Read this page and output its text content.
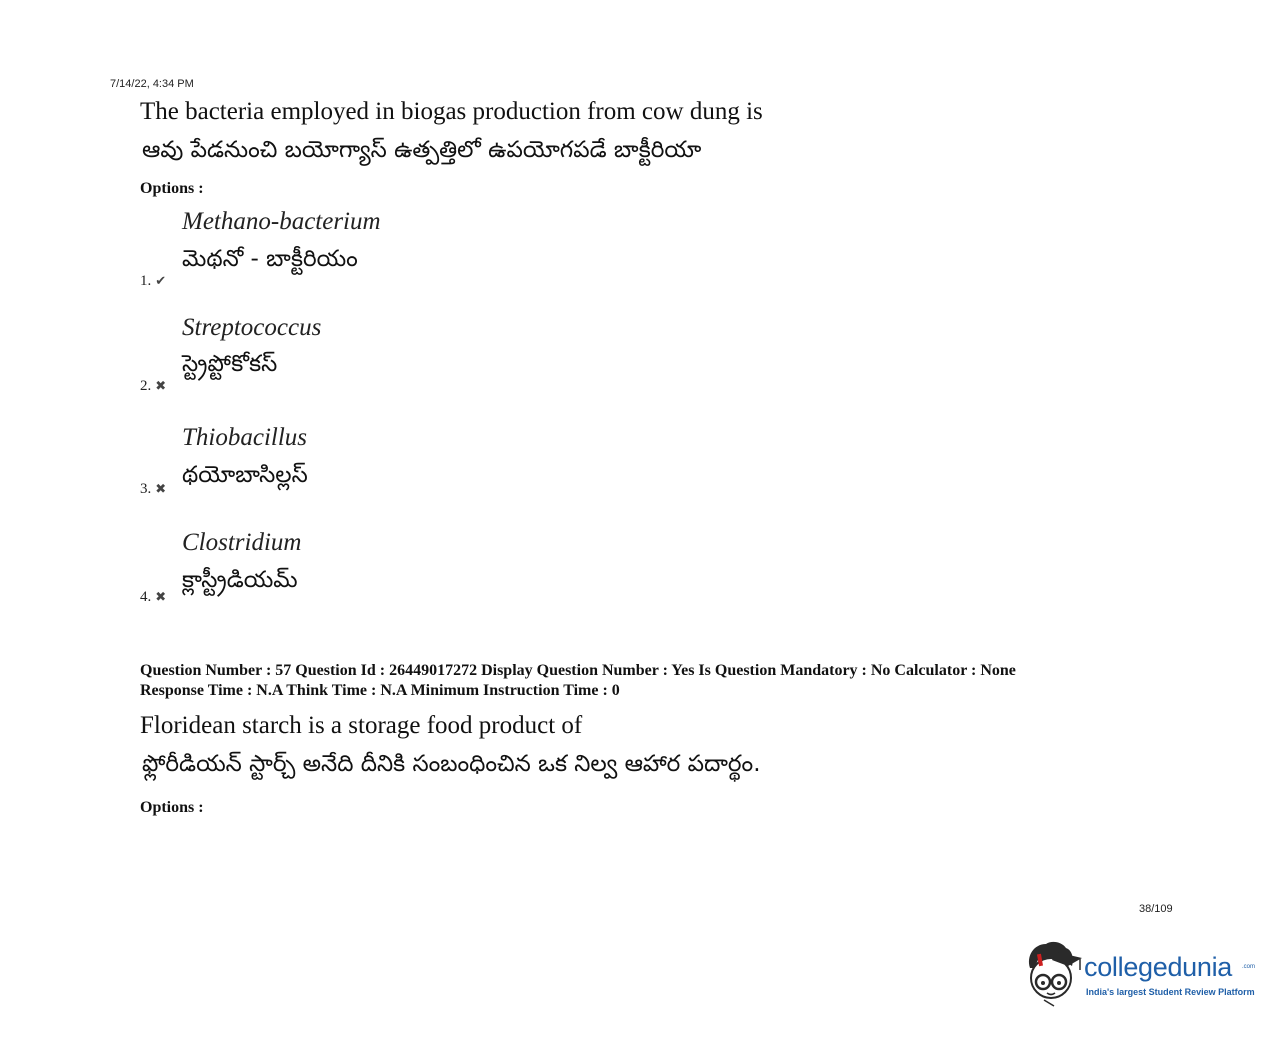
7/14/22, 4:34 PM
The bacteria employed in biogas production from cow dung is
ఆవు పేడనుంచి బయోగ్యాస్ ఉత్పత్తిలో ఉపయోగపడే బాక్టీరియా
Options :
Methano-bacterium
మెథనో - బాక్టీరియం
1. ✔
Streptococcus
స్ట్రెప్టోకోకస్
2. ✖
Thiobacillus
థయోబాసిల్లస్
3. ✖
Clostridium
క్లాస్ట్రీడియమ్
4. ✖
Question Number : 57 Question Id : 26449017272 Display Question Number : Yes Is Question Mandatory : No Calculator : None
Response Time : N.A Think Time : N.A Minimum Instruction Time : 0
Floridean starch is a storage food product of
ఫ్లోరీడియన్ స్టార్చ్ అనేది దీనికి సంబంధించిన ఒక నిల్వ ఆహార పదార్థం.
Options :
38/109
collegedunia .com
India's largest Student Review Platform
